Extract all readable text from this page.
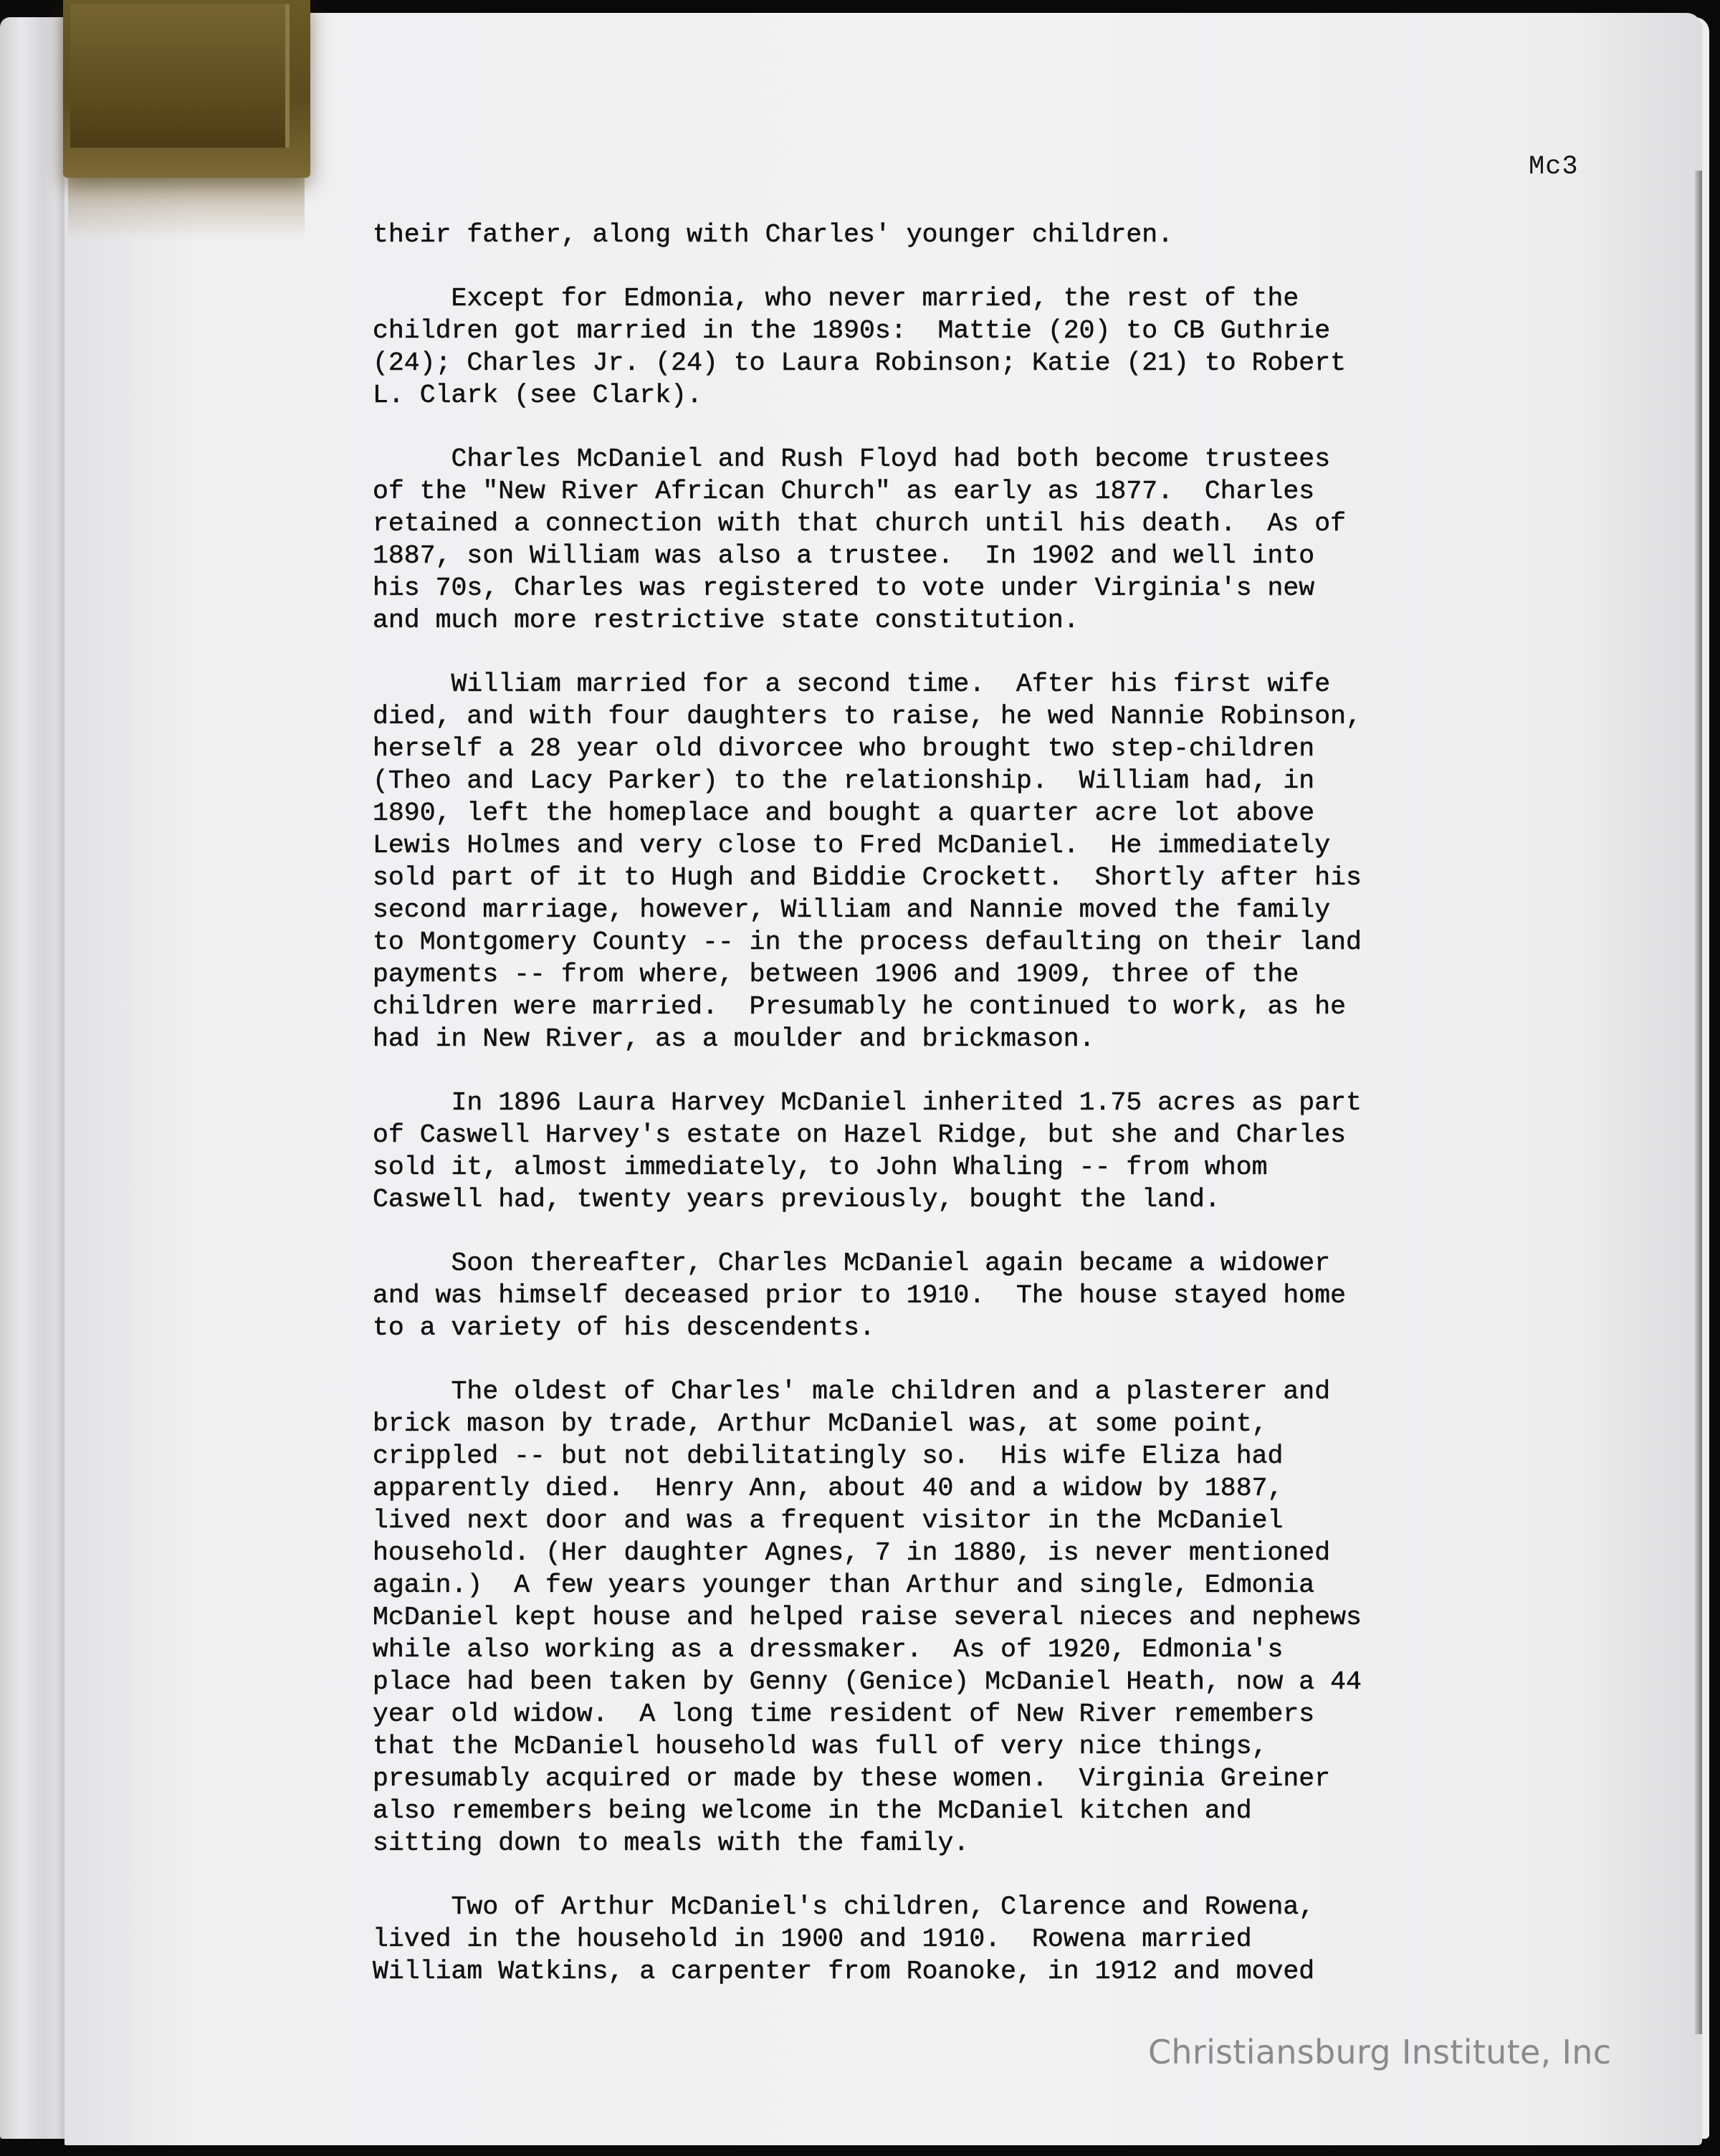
Mc3
their father, along with Charles' younger children.
Except for Edmonia, who never married, the rest of the
children got married in the 1890s:  Mattie (20) to CB Guthrie
(24); Charles Jr. (24) to Laura Robinson; Katie (21) to Robert
L. Clark (see Clark).
Charles McDaniel and Rush Floyd had both become trustees
of the "New River African Church" as early as 1877.  Charles
retained a connection with that church until his death.  As of
1887, son William was also a trustee.  In 1902 and well into
his 70s, Charles was registered to vote under Virginia's new
and much more restrictive state constitution.
William married for a second time.  After his first wife
died, and with four daughters to raise, he wed Nannie Robinson,
herself a 28 year old divorcee who brought two step-children
(Theo and Lacy Parker) to the relationship.  William had, in
1890, left the homeplace and bought a quarter acre lot above
Lewis Holmes and very close to Fred McDaniel.  He immediately
sold part of it to Hugh and Biddie Crockett.  Shortly after his
second marriage, however, William and Nannie moved the family
to Montgomery County -- in the process defaulting on their land
payments -- from where, between 1906 and 1909, three of the
children were married.  Presumably he continued to work, as he
had in New River, as a moulder and brickmason.
In 1896 Laura Harvey McDaniel inherited 1.75 acres as part
of Caswell Harvey's estate on Hazel Ridge, but she and Charles
sold it, almost immediately, to John Whaling -- from whom
Caswell had, twenty years previously, bought the land.
Soon thereafter, Charles McDaniel again became a widower
and was himself deceased prior to 1910.  The house stayed home
to a variety of his descendents.
The oldest of Charles' male children and a plasterer and
brick mason by trade, Arthur McDaniel was, at some point,
crippled -- but not debilitatingly so.  His wife Eliza had
apparently died.  Henry Ann, about 40 and a widow by 1887,
lived next door and was a frequent visitor in the McDaniel
household. (Her daughter Agnes, 7 in 1880, is never mentioned
again.)  A few years younger than Arthur and single, Edmonia
McDaniel kept house and helped raise several nieces and nephews
while also working as a dressmaker.  As of 1920, Edmonia's
place had been taken by Genny (Genice) McDaniel Heath, now a 44
year old widow.  A long time resident of New River remembers
that the McDaniel household was full of very nice things,
presumably acquired or made by these women.  Virginia Greiner
also remembers being welcome in the McDaniel kitchen and
sitting down to meals with the family.
Two of Arthur McDaniel's children, Clarence and Rowena,
lived in the household in 1900 and 1910.  Rowena married
William Watkins, a carpenter from Roanoke, in 1912 and moved
Christiansburg Institute, Inc
